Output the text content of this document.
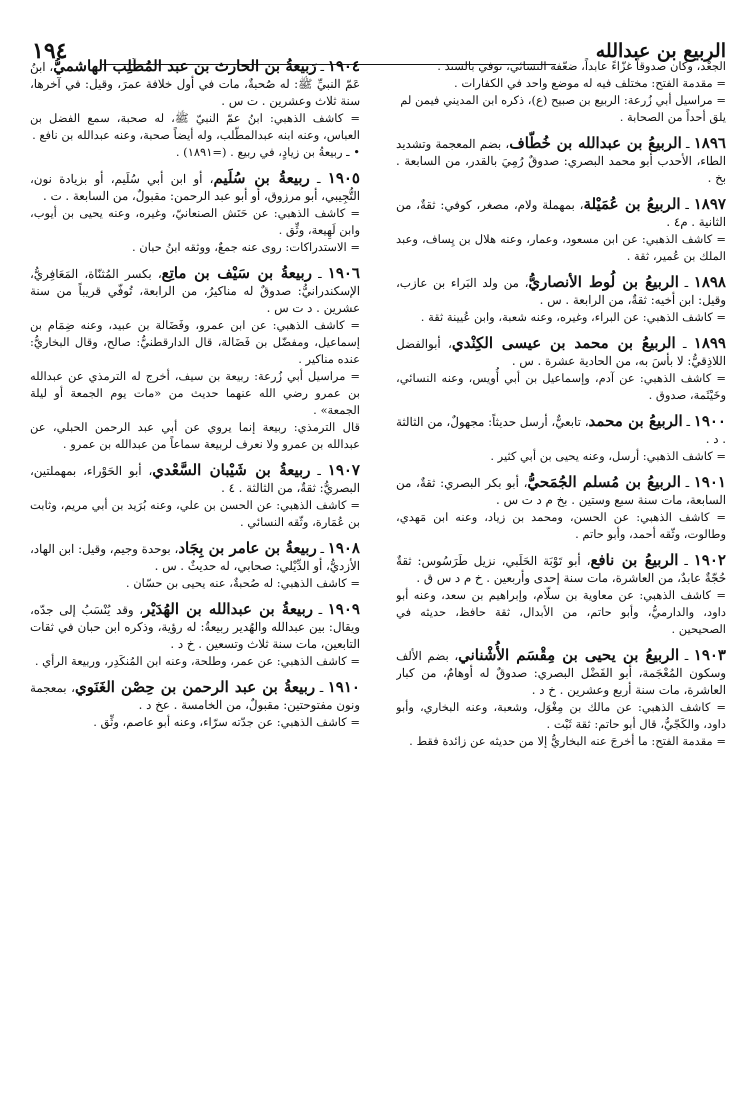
الربيع بن عبدالله
١٩٤

الجعْد، وكان صدوقاً غزّاءً عابداً، ضعّفه النسائي، توفي بالسند .

= مقدمة الفتح: مختلف فيه له موضع واحد في الكفارات .

= مراسيل أبي زُرعة: الربيع بن صبيح (ع)، ذكره ابن المديني فيمن لم يلق أحداً من الصحابة .

١٨٩٦ ـ الربيعُ بن عبدالله بن خُطّاف، بضم المعجمة وتشديد الطاء، الأحدب أبو محمد البصري: صدوقٌ رُمِيَ بالقدر، من السابعة . بخ .

١٨٩٧ ـ الربيعُ بن عُمَيْلة، بمهملة ولام، مصغر، كوفي: ثقةٌ، من الثانية . م٤ .

= كاشف الذهبي: عن ابن مسعود، وعمار، وعنه هلال بن يِساف، وعبد الملك بن عُمير، ثقة .

١٨٩٨ ـ الربيعُ بن لُوط الأنصاريُّ، من ولد البَراء بن عازب، وقيل: ابن أخيه: ثقةٌ، من الرابعة . س .

= كاشف الذهبي: عن البراء، وغيره، وعنه شعبة، وابن عُيينة ثقة .

١٨٩٩ ـ الربيعُ بن محمد بن عيسى الكِنْدي، أبوالفضل اللاذِقيُّ: لا بأسَ به، من الحادية عشرة . س .

= كاشف الذهبي: عن آدم، وإسماعيل بن أبي أُويس، وعنه النسائي، وخَيْثَمة، صدوق .

١٩٠٠ ـ الربيعُ بن محمد، تابعيٌّ، أرسل حديثاً: مجهولٌ، من الثالثة . د .

= كاشف الذهبي: أرسل، وعنه يحيى بن أبي كثير .

١٩٠١ ـ الربيعُ بن مُسلم الجُمَحيُّ، أبو بكر البصري: ثقةٌ، من السابعة، مات سنة سبع وستين . بخ م د ت س .

= كاشف الذهبي: عن الحسن، ومحمد بن زياد، وعنه ابن مَهدي، وطالوت، وثّقه أحمد، وأبو حاتم .

١٩٠٢ ـ الربيعُ بن نافع، أبو تَوْبَة الحَلَبي، نزيل طَرَسُوس: ثقةٌ حُجّةٌ عابدٌ، من العاشرة، مات سنة إحدى وأربعين . خ م د س ق .

= كاشف الذهبي: عن معاوية بن سلّام، وإبراهيم بن سعد، وعنه أبو داود، والدارميُّ، وأبو حاتم، من الأبدال، ثقة حافظ، حديثه في الصحيحين .

١٩٠٣ ـ الربيعُ بن يحيى بن مِقْسَم الأُشْناني، بضم الألف وسكون المُعْجَمة، أبو الفَضْل البصري: صدوقٌ له أوهامٌ، من كبار العاشرة، مات سنة أربع وعشرين . خ د .

= كاشف الذهبي: عن مالك بن مِغْوَل، وشعبة، وعنه البخاري، وأبو داود، والكَجّيُّ، قال أبو حاتم: ثقة ثَبْت .

= مقدمة الفتح: ما أخرجَ عنه البخاريُّ إلا من حديثه عن زائدة فقط .

١٩٠٤ ـ رَبيعةُ بن الحارث بن عبد المُطَّلِب الهاشميُّ، ابنُ عَمّ النبيِّ ﷺ: له صُحبةٌ، مات في أول خلافة عمرَ، وقيل: في آخرها، سنة ثلاث وعشرين . ت س .

= كاشف الذهبي: ابنُ عمّ النبيّ ﷺ، له صحبة، سمع الفضل بن العباس، وعنه ابنه عبدالمطّلب، وله أيضاً صحبة، وعنه عبدالله بن نافع .

• ـ ربيعةُ بن زيادٍ، في ربيع . (=١٨٩١) .

١٩٠٥ ـ ربيعةُ بن سُلَيم، أو ابن أبي سُلَيم، أو بزيادة نون، التُّجِيبي، أبو مرزوق، أو أبو عبد الرحمن: مقبولٌ، من السابعة . ت .

= كاشف الذهبي: عن حَنَش الصنعانيّ، وغيره، وعنه يحيى بن أيوب، وابن لَهِيعة، وثِّق .

= الاستدراكات: روى عنه جمعٌ، ووثقه ابنُ حبان .

١٩٠٦ ـ ربيعةُ بن سَيْف بن ماتِع، بكسر المُثنّاة، المَعَافِريُّ، الإسكندرانيُّ: صدوقٌ له مناكيرُ، من الرابعة، تُوفّي قريباً من سنة عشرين . د ت س .

= كاشف الذهبي: عن ابن عمرو، وفَضَالة بن عبيد، وعنه ضِمَام بن إسماعيل، ومفضّل بن فَضَالة، قال الدارقطنيُّ: صالح، وقال البخاريُّ: عنده مناكير .

= مراسيل أبي زُرعة: ربيعة بن سيف، أخرج له الترمذي عن عبدالله بن عمرو رضي الله عنهما حديث من «مات يوم الجمعة أو ليلة الجمعة» .

قال الترمذي: ربيعة إنما يروي عن أبي عبد الرحمن الحبلي، عن عبدالله بن عمرو ولا نعرف لربيعة سماعاً من عبدالله بن عمرو .

١٩٠٧ ـ ربيعةُ بن شَيْبان السَّعْدي، أبو الحَوْراء، بمهملتين، البصريُّ: ثقةٌ، من الثالثة . ٤ .

= كاشف الذهبي: عن الحسن بن علي، وعنه بُرَيد بن أبي مريم، وثابت بن عُمَارة، وثّقه النسائي .

١٩٠٨ ـ ربيعةُ بن عامر بن بِجَاد، بوحدة وجيم، وقيل: ابن الهاد، الأزديُّ، أو الدِّيْلي: صحابي، له حديثٌ . س .

= كاشف الذهبي: له صُحبةٌ، عنه يحيى بن حسّان .

١٩٠٩ ـ ربيعةُ بن عبدالله بن الهُدَيْر، وقد يُنْسَبُ إلى جدّه، ويقال: بين عبدالله والهُدير ربيعةُ: له رؤية، وذكره ابن حبان في ثقات التابعين، مات سنة ثلاث وتسعين . خ د .

= كاشف الذهبي: عن عمر، وطلحة، وعنه ابن المُنكَدِر، وربيعة الرأي .

١٩١٠ ـ ربيعةُ بن عبد الرحمن بن حِصْن الغَنَوي، بمعجمة ونون مفتوحتين: مقبولٌ، من الخامسة . عخ د .

= كاشف الذهبي: عن جدّته سرّاء، وعنه أبو عاصم، وثِّق .
